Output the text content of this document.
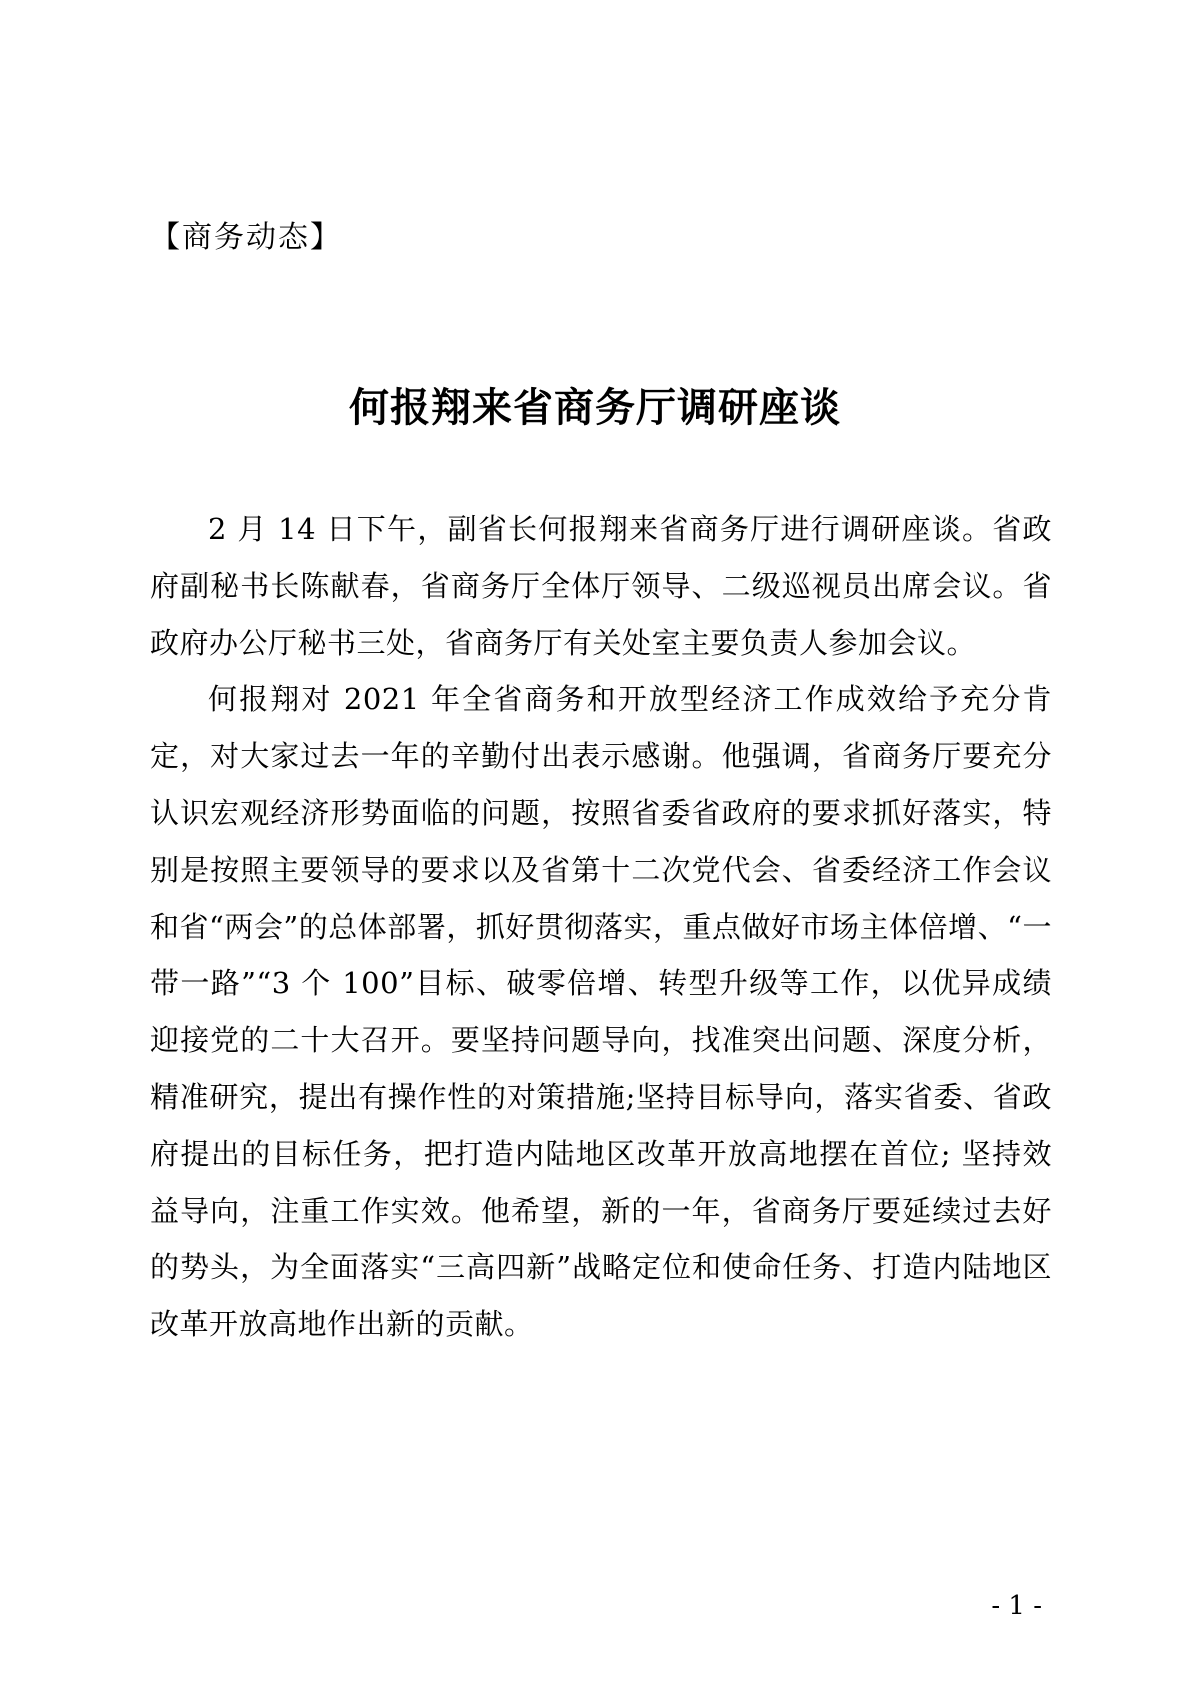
【商务动态】
何报翔来省商务厅调研座谈

2 月 14 日下午，副省长何报翔来省商务厅进行调研座谈。省政府副秘书长陈献春，省商务厅全体厅领导、二级巡视员出席会议。省政府办公厅秘书三处，省商务厅有关处室主要负责人参加会议。

何报翔对 2021 年全省商务和开放型经济工作成效给予充分肯定，对大家过去一年的辛勤付出表示感谢。他强调，省商务厅要充分认识宏观经济形势面临的问题，按照省委省政府的要求抓好落实，特别是按照主要领导的要求以及省第十二次党代会、省委经济工作会议和省“两会”的总体部署，抓好贯彻落实，重点做好市场主体倍增、“一带一路”“3 个 100”目标、破零倍增、转型升级等工作，以优异成绩迎接党的二十大召开。要坚持问题导向，找准突出问题、深度分析，精准研究，提出有操作性的对策措施;坚持目标导向，落实省委、省政府提出的目标任务，把打造内陆地区改革开放高地摆在首位; 坚持效益导向，注重工作实效。他希望，新的一年，省商务厅要延续过去好的势头，为全面落实“三高四新”战略定位和使命任务、打造内陆地区改革开放高地作出新的贡献。

- 1 -
